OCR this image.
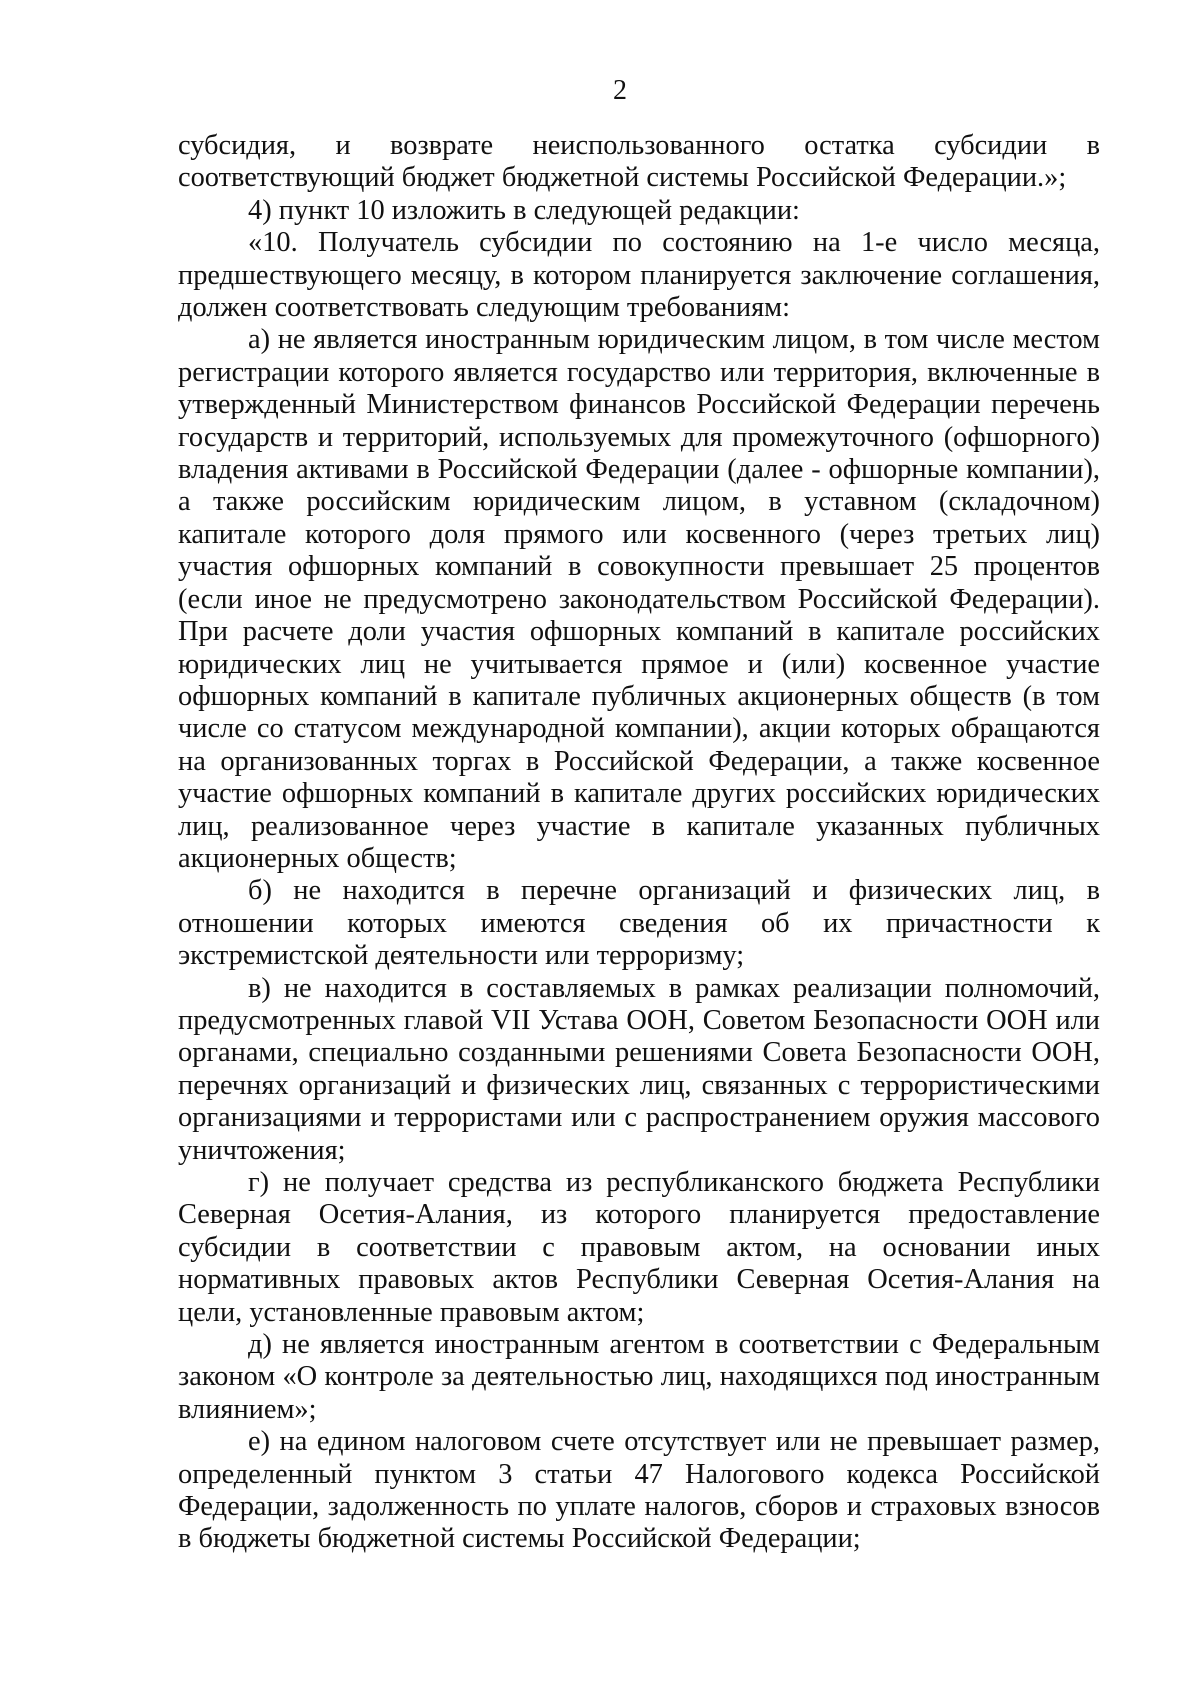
2

субсидия, и возврате неиспользованного остатка субсидии в соответствующий бюджет бюджетной системы Российской Федерации.»;

4) пункт 10 изложить в следующей редакции:

«10. Получатель субсидии по состоянию на 1-е число месяца, предшествующего месяцу, в котором планируется заключение соглашения, должен соответствовать следующим требованиям:

а) не является иностранным юридическим лицом, в том числе местом регистрации которого является государство или территория, включенные в утвержденный Министерством финансов Российской Федерации перечень государств и территорий, используемых для промежуточного (офшорного) владения активами в Российской Федерации (далее - офшорные компании), а также российским юридическим лицом, в уставном (складочном) капитале которого доля прямого или косвенного (через третьих лиц) участия офшорных компаний в совокупности превышает 25 процентов (если иное не предусмотрено законодательством Российской Федерации). При расчете доли участия офшорных компаний в капитале российских юридических лиц не учитывается прямое и (или) косвенное участие офшорных компаний в капитале публичных акционерных обществ (в том числе со статусом международной компании), акции которых обращаются на организованных торгах в Российской Федерации, а также косвенное участие офшорных компаний в капитале других российских юридических лиц, реализованное через участие в капитале указанных публичных акционерных обществ;

б) не находится в перечне организаций и физических лиц, в отношении которых имеются сведения об их причастности к экстремистской деятельности или терроризму;

в) не находится в составляемых в рамках реализации полномочий, предусмотренных главой VII Устава ООН, Советом Безопасности ООН или органами, специально созданными решениями Совета Безопасности ООН, перечнях организаций и физических лиц, связанных с террористическими организациями и террористами или с распространением оружия массового уничтожения;

г) не получает средства из республиканского бюджета Республики Северная Осетия-Алания, из которого планируется предоставление субсидии в соответствии с правовым актом, на основании иных нормативных правовых актов Республики Северная Осетия-Алания на цели, установленные правовым актом;

д) не является иностранным агентом в соответствии с Федеральным законом «О контроле за деятельностью лиц, находящихся под иностранным влиянием»;

е) на едином налоговом счете отсутствует или не превышает размер, определенный пунктом 3 статьи 47 Налогового кодекса Российской Федерации, задолженность по уплате налогов, сборов и страховых взносов в бюджеты бюджетной системы Российской Федерации;
